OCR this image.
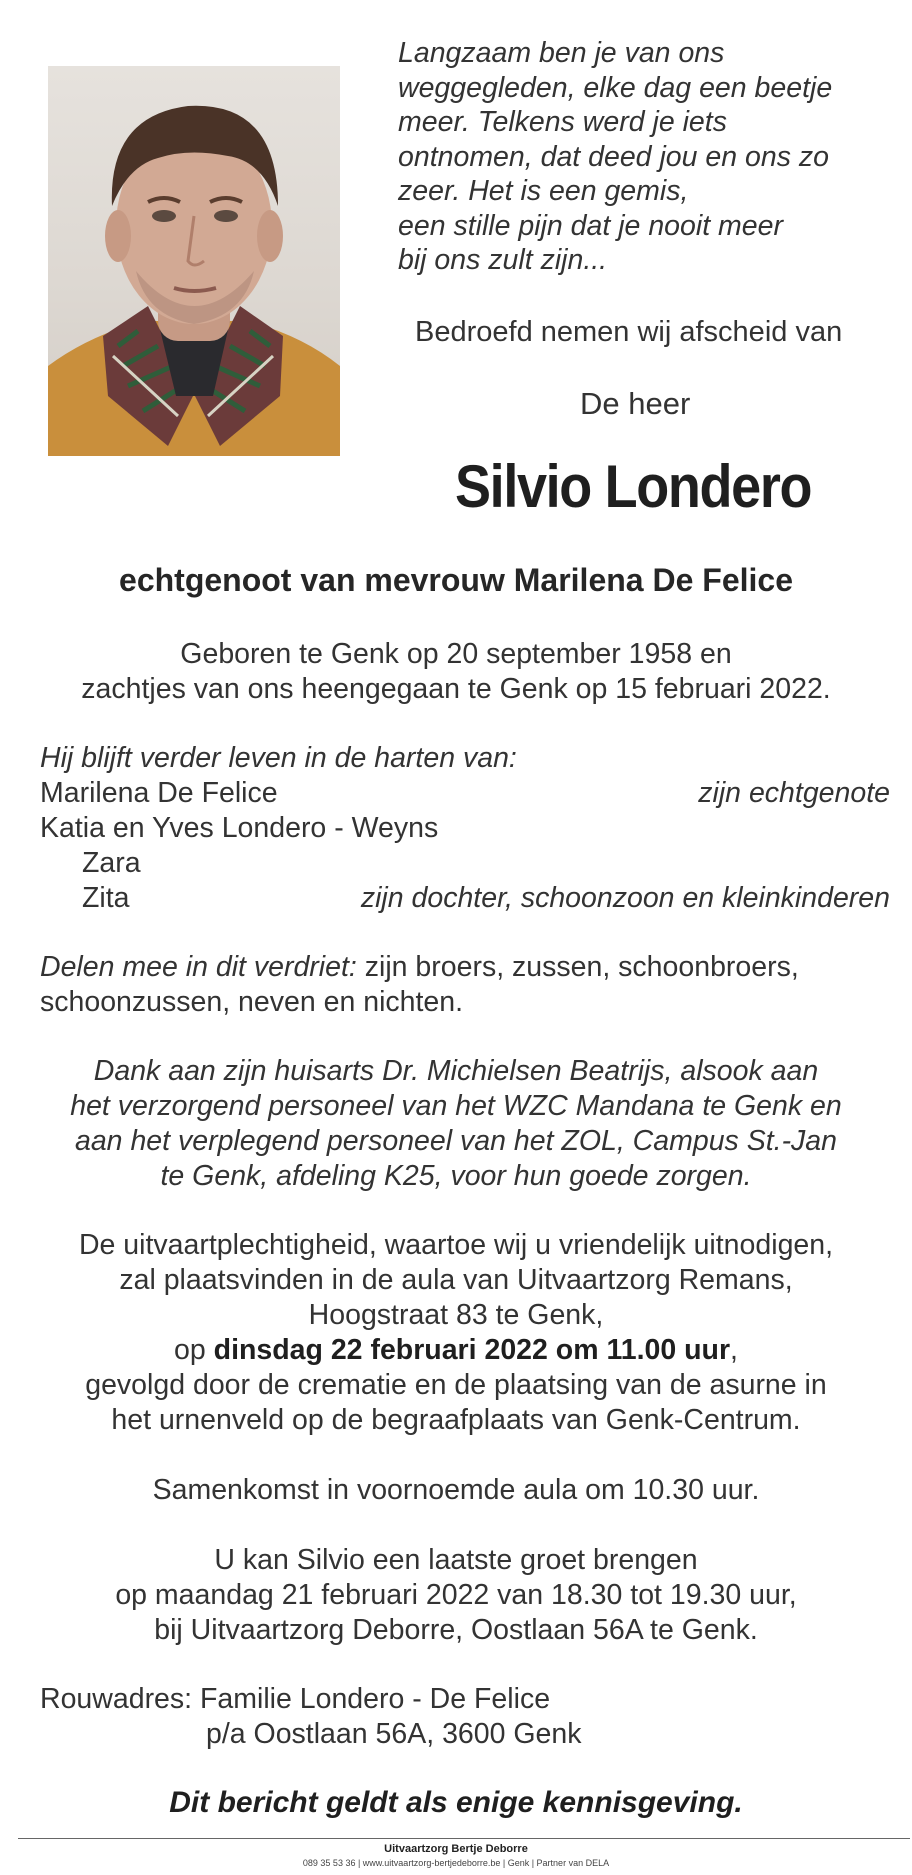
Langzaam ben je van ons
weggegleden, elke dag een beetje
meer. Telkens werd je iets
ontnomen, dat deed jou en ons zo
zeer. Het is een gemis,
een stille pijn dat je nooit meer
bij ons zult zijn...
Bedroefd nemen wij afscheid van
De heer
Silvio Londero
echtgenoot van mevrouw Marilena De Felice
Geboren te Genk op 20 september 1958 en
zachtjes van ons heengegaan te Genk op 15 februari 2022.
Hij blijft verder leven in de harten van:
Marilena De Felice	zijn echtgenote
Katia en Yves Londero - Weyns
Zara
Zita	zijn dochter, schoonzoon en kleinkinderen
Delen mee in dit verdriet: zijn broers, zussen, schoonbroers,
schoonzussen, neven en nichten.
Dank aan zijn huisarts Dr. Michielsen Beatrijs, alsook aan
het verzorgend personeel van het WZC Mandana te Genk en
aan het verplegend personeel van het ZOL, Campus St.-Jan
te Genk, afdeling K25, voor hun goede zorgen.
De uitvaartplechtigheid, waartoe wij u vriendelijk uitnodigen,
zal plaatsvinden in de aula van Uitvaartzorg Remans,
Hoogstraat 83 te Genk,
op dinsdag 22 februari 2022 om 11.00 uur,
gevolgd door de crematie en de plaatsing van de asurne in
het urnenveld op de begraafplaats van Genk-Centrum.
Samenkomst in voornoemde aula om 10.30 uur.
U kan Silvio een laatste groet brengen
op maandag 21 februari 2022 van 18.30 tot 19.30 uur,
bij Uitvaartzorg Deborre, Oostlaan 56A te Genk.
Rouwadres: Familie Londero - De Felice
p/a Oostlaan 56A, 3600 Genk
Dit bericht geldt als enige kennisgeving.
Uitvaartzorg Bertje Deborre
089 35 53 36 | www.uitvaartzorg-bertjedeborre.be | Genk | Partner van DELA
